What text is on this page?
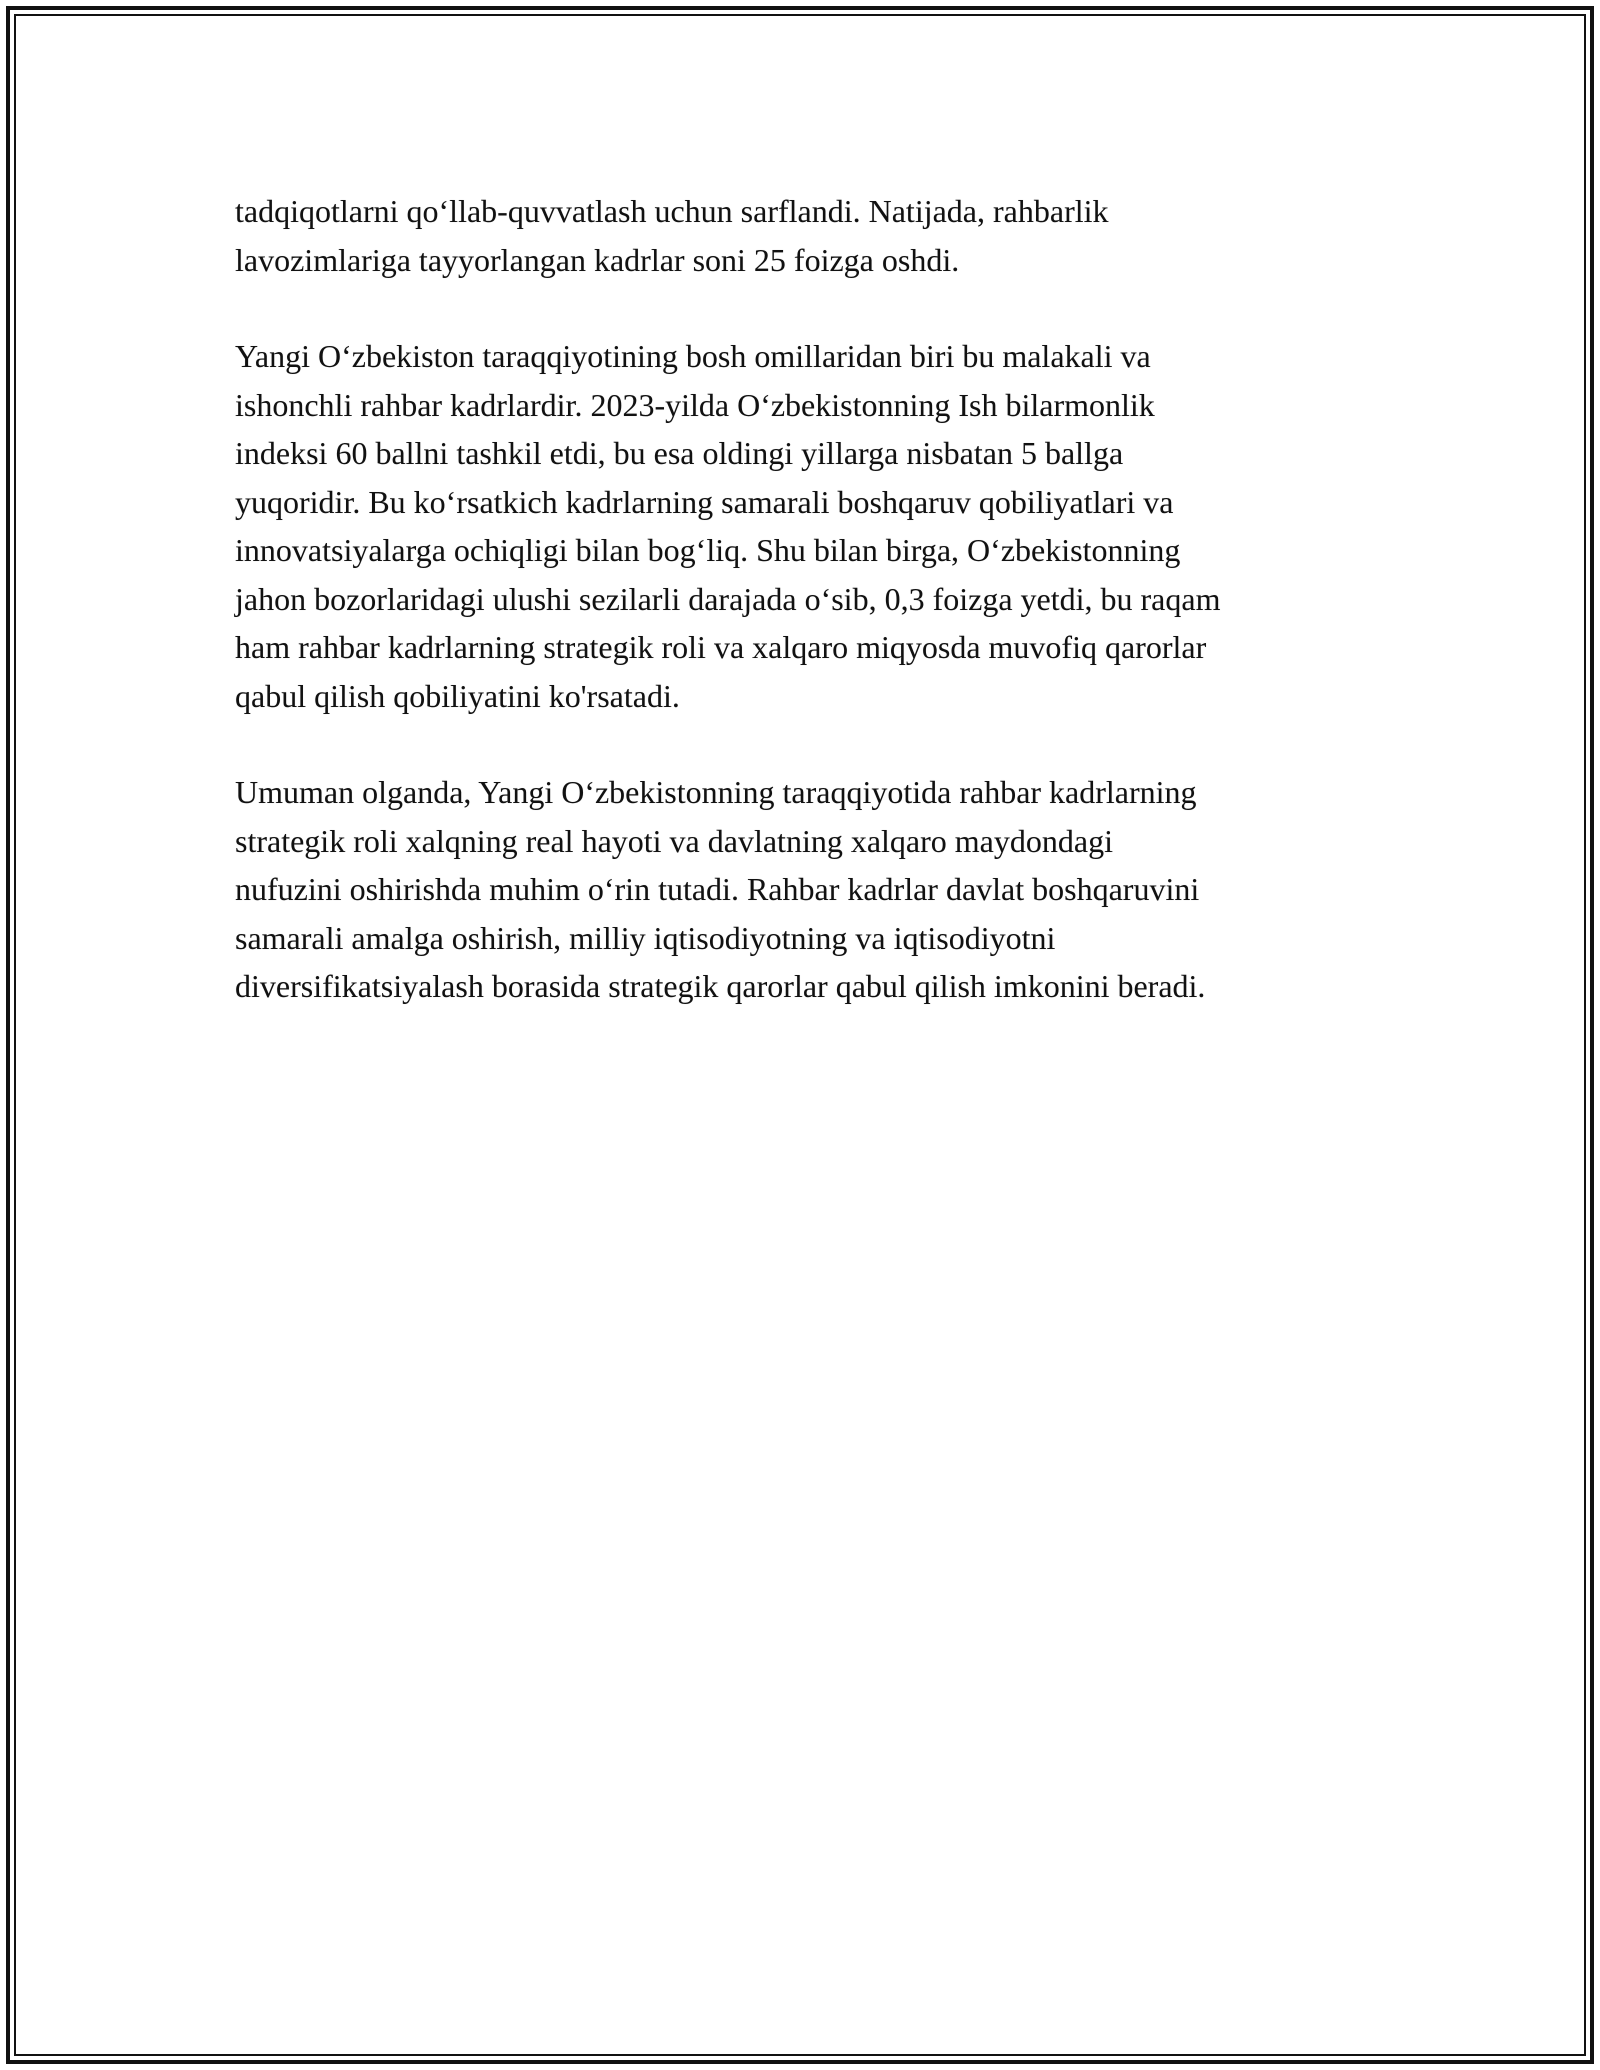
tadqiqotlarni qo‘llab-quvvatlash uchun sarflandi. Natijada, rahbarlik
lavozimlariga tayyorlangan kadrlar soni 25 foizga oshdi.

Yangi O‘zbekiston taraqqiyotining bosh omillaridan biri bu malakali va
ishonchli rahbar kadrlardir. 2023-yilda O‘zbekistonning Ish bilarmonlik
indeksi 60 ballni tashkil etdi, bu esa oldingi yillarga nisbatan 5 ballga
yuqoridir. Bu ko‘rsatkich kadrlarning samarali boshqaruv qobiliyatlari va
innovatsiyalarga ochiqligi bilan bog‘liq. Shu bilan birga, O‘zbekistonning
jahon bozorlaridagi ulushi sezilarli darajada o‘sib, 0,3 foizga yetdi, bu raqam
ham rahbar kadrlarning strategik roli va xalqaro miqyosda muvofiq qarorlar
qabul qilish qobiliyatini ko'rsatadi.

Umuman olganda, Yangi O‘zbekistonning taraqqiyotida rahbar kadrlarning
strategik roli xalqning real hayoti va davlatning xalqaro maydondagi
nufuzini oshirishda muhim o‘rin tutadi. Rahbar kadrlar davlat boshqaruvini
samarali amalga oshirish, milliy iqtisodiyotning va iqtisodiyotni
diversifikatsiyalash borasida strategik qarorlar qabul qilish imkonini beradi.
